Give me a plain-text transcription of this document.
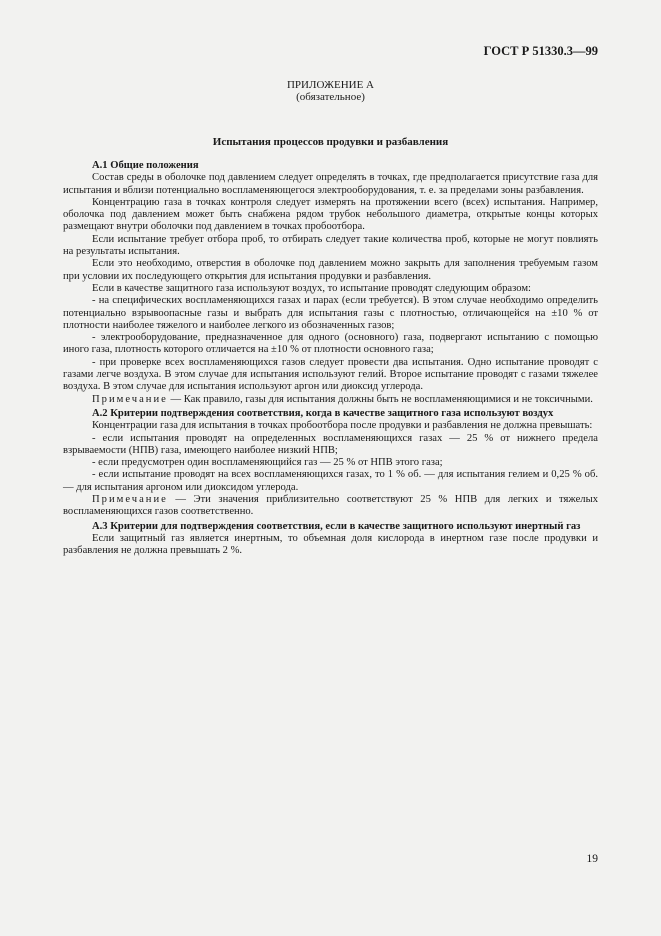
ГОСТ Р 51330.3—99
ПРИЛОЖЕНИЕ А
(обязательное)
Испытания процессов продувки и разбавления
А.1 Общие положения

Состав среды в оболочке под давлением следует определять в точках, где предполагается присутствие газа для испытания и вблизи потенциально воспламеняющегося электрооборудования, т. е. за пределами зоны разбавления.

Концентрацию газа в точках контроля следует измерять на протяжении всего (всех) испытания. Например, оболочка под давлением может быть снабжена рядом трубок небольшого диаметра, открытые концы которых размещают внутри оболочки под давлением в точках пробоотбора.

Если испытание требует отбора проб, то отбирать следует такие количества проб, которые не могут повлиять на результаты испытания.

Если это необходимо, отверстия в оболочке под давлением можно закрыть для заполнения требуемым газом при условии их последующего открытия для испытания продувки и разбавления.

Если в качестве защитного газа используют воздух, то испытание проводят следующим образом:

- на специфических воспламеняющихся газах и парах (если требуется). В этом случае необходимо определить потенциально взрывоопасные газы и выбрать для испытания газы с плотностью, отличающейся на ±10 % от плотности наиболее тяжелого и наиболее легкого из обозначенных газов;

- электрооборудование, предназначенное для одного (основного) газа, подвергают испытанию с помощью иного газа, плотность которого отличается на ±10 % от плотности основного газа;

- при проверке всех воспламеняющихся газов следует провести два испытания. Одно испытание проводят с газами легче воздуха. В этом случае для испытания используют гелий. Второе испытание проводят с газами тяжелее воздуха. В этом случае для испытания используют аргон или диоксид углерода.

Примечание — Как правило, газы для испытания должны быть не воспламеняющимися и не токсичными.

А.2 Критерии подтверждения соответствия, когда в качестве защитного газа используют воздух

Концентрации газа для испытания в точках пробоотбора после продувки и разбавления не должна превышать:

- если испытания проводят на определенных воспламеняющихся газах — 25 % от нижнего предела взрываемости (НПВ) газа, имеющего наиболее низкий НПВ;

- если предусмотрен один воспламеняющийся газ — 25 % от НПВ этого газа;

- если испытание проводят на всех воспламеняющихся газах, то 1 % об. — для испытания гелием и 0,25 % об. — для испытания аргоном или диоксидом углерода.

Примечание — Эти значения приблизительно соответствуют 25 % НПВ для легких и тяжелых воспламеняющихся газов соответственно.

А.3 Критерии для подтверждения соответствия, если в качестве защитного используют инертный газ

Если защитный газ является инертным, то объемная доля кислорода в инертном газе после продувки и разбавления не должна превышать 2 %.

19
